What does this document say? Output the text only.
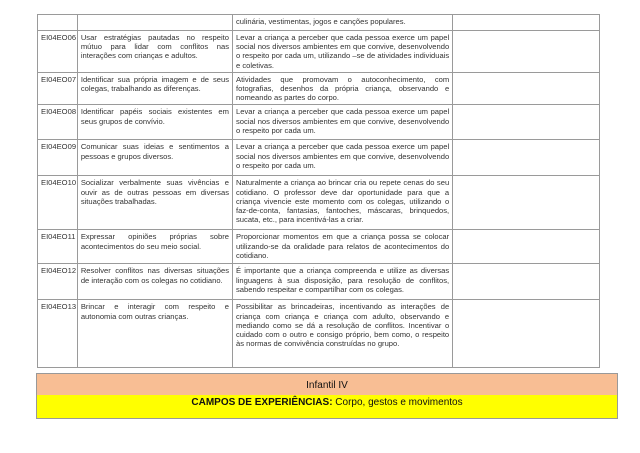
		culinária, vestimentas, jogos e canções populares.	
EI04EO06	Usar estratégias pautadas no respeito mútuo para lidar com conflitos nas interações com crianças e adultos.	Levar a criança a perceber que cada pessoa exerce um papel social nos diversos ambientes em que convive, desenvolvendo o respeito por cada um, utilizando –se de atividades individuais e coletivas.	
EI04EO07	Identificar sua própria imagem e de seus colegas, trabalhando as diferenças.	Atividades que promovam o autoconhecimento, com fotografias, desenhos da própria criança, observando e nomeando as partes do corpo.	
EI04EO08	Identificar papéis sociais existentes em seus grupos de convívio.	Levar a criança a perceber que cada pessoa exerce um papel social nos diversos ambientes em que convive, desenvolvendo o respeito por cada um.	
EI04EO09	Comunicar suas ideias e sentimentos a pessoas e grupos diversos.	Levar a criança a perceber que cada pessoa exerce um papel social nos diversos ambientes em que convive, desenvolvendo o respeito por cada um.	
EI04EO10	Socializar verbalmente suas vivências e ouvir as de outras pessoas em diversas situações trabalhadas.	Naturalmente a criança ao brincar cria ou repete cenas do seu cotidiano. O professor deve dar oportunidade para que a criança vivencie este momento com os colegas, utilizando o faz-de-conta, fantasias, fantoches, máscaras, brinquedos, sucata, etc., para incentivá-las a criar.	
EI04EO11	Expressar opiniões próprias sobre acontecimentos do seu meio social.	Proporcionar momentos em que a criança possa se colocar utilizando-se da oralidade para relatos de acontecimentos do cotidiano.	
EI04EO12	Resolver conflitos nas diversas situações de interação com os colegas no cotidiano.	É importante que a criança compreenda e utilize as diversas linguagens à sua disposição, para resolução de conflitos, sabendo respeitar e compartilhar com os colegas.	
EI04EO13	Brincar e interagir com respeito e autonomia com outras crianças.	Possibilitar as brincadeiras, incentivando as interações de criança com criança e criança com adulto, observando e mediando como se dá a resolução de conflitos. Incentivar o cuidado com o outro e consigo próprio, bem como, o respeito às normas de convivência construídas no grupo.	
Infantil IV
CAMPOS DE EXPERIÊNCIAS: Corpo, gestos e movimentos
